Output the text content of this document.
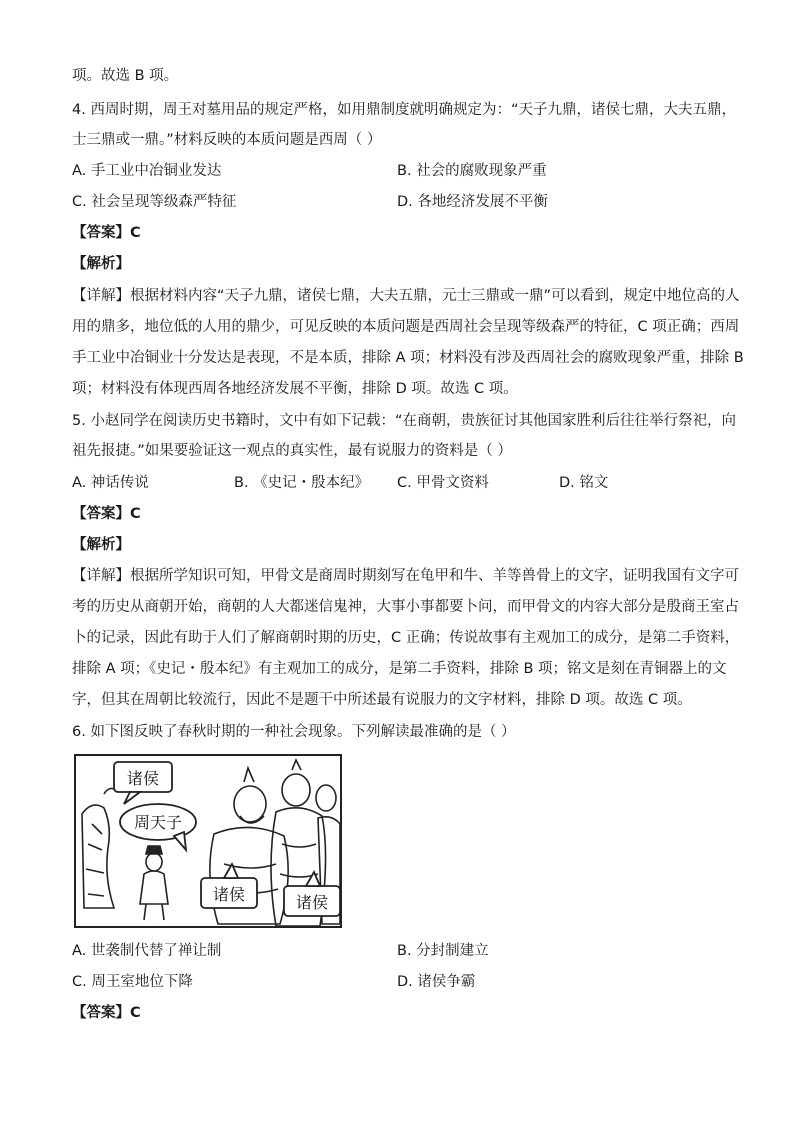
项。故选 B 项。
4. 西周时期，周王对墓用品的规定严格，如用鼎制度就明确规定为：“天子九鼎，诸侯七鼎，大夫五鼎，
士三鼎或一鼎。”材料反映的本质问题是西周（ ）
A. 手工业中冶铜业发达	B. 社会的腐败现象严重
C. 社会呈现等级森严特征	D. 各地经济发展不平衡
【答案】C
【解析】
【详解】根据材料内容“天子九鼎，诸侯七鼎，大夫五鼎，元士三鼎或一鼎”可以看到，规定中地位高的人
用的鼎多，地位低的人用的鼎少，可见反映的本质问题是西周社会呈现等级森严的特征，C 项正确；西周
手工业中冶铜业十分发达是表现，不是本质，排除 A 项；材料没有涉及西周社会的腐败现象严重，排除 B
项；材料没有体现西周各地经济发展不平衡，排除 D 项。故选 C 项。
5. 小赵同学在阅读历史书籍时，文中有如下记载：“在商朝，贵族征讨其他国家胜利后往往举行祭祀，向
祖先报捷。”如果要验证这一观点的真实性，最有说服力的资料是（ ）
A. 神话传说	B. 《史记・殷本纪》 C. 甲骨文资料	D. 铭文
【答案】C
【解析】
【详解】根据所学知识可知，甲骨文是商周时期刻写在龟甲和牛、羊等兽骨上的文字，证明我国有文字可
考的历史从商朝开始，商朝的人大都迷信鬼神，大事小事都要卜问，而甲骨文的内容大部分是殷商王室占
卜的记录，因此有助于人们了解商朝时期的历史，C 正确；传说故事有主观加工的成分，是第二手资料，
排除 A 项；《史记・殷本纪》有主观加工的成分，是第二手资料，排除 B 项；铭文是刻在青铜器上的文
字，但其在周朝比较流行，因此不是题干中所述最有说服力的文字材料，排除 D 项。故选 C 项。
6. 如下图反映了春秋时期的一种社会现象。下列解读最准确的是（ ）
诸侯
周天子
诸侯	诸侯
A. 世袭制代替了禅让制	B. 分封制建立
C. 周王室地位下降	D. 诸侯争霸
【答案】C
